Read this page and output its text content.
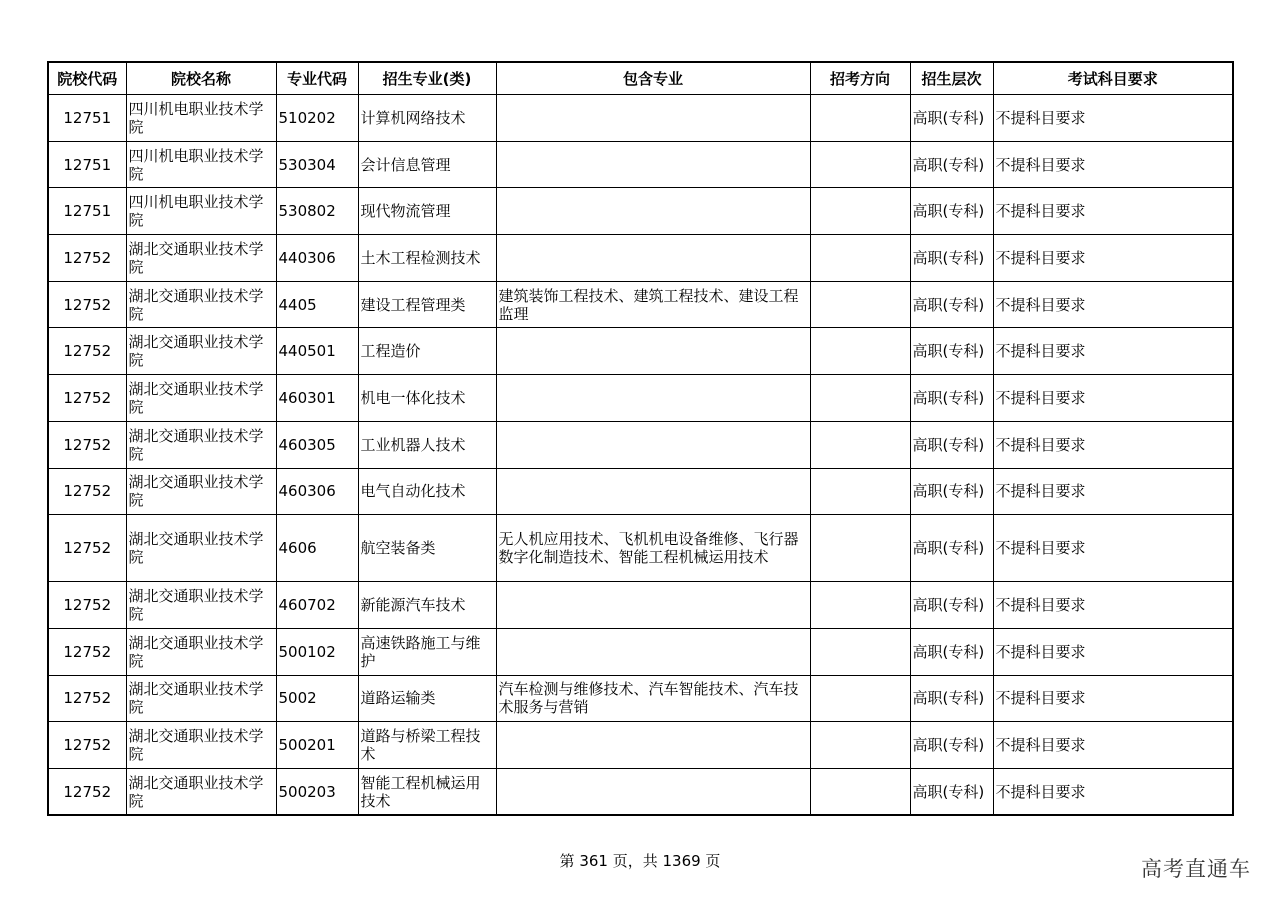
院校代码	院校名称	专业代码	招生专业(类)	包含专业	招考方向	招生层次	考试科目要求
12751	四川机电职业技术学院	510202	计算机网络技术			高职(专科)	不提科目要求
12751	四川机电职业技术学院	530304	会计信息管理			高职(专科)	不提科目要求
12751	四川机电职业技术学院	530802	现代物流管理			高职(专科)	不提科目要求
12752	湖北交通职业技术学院	440306	土木工程检测技术			高职(专科)	不提科目要求
12752	湖北交通职业技术学院	4405	建设工程管理类	建筑装饰工程技术、建筑工程技术、建设工程监理		高职(专科)	不提科目要求
12752	湖北交通职业技术学院	440501	工程造价			高职(专科)	不提科目要求
12752	湖北交通职业技术学院	460301	机电一体化技术			高职(专科)	不提科目要求
12752	湖北交通职业技术学院	460305	工业机器人技术			高职(专科)	不提科目要求
12752	湖北交通职业技术学院	460306	电气自动化技术			高职(专科)	不提科目要求
12752	湖北交通职业技术学院	4606	航空装备类	无人机应用技术、飞机机电设备维修、飞行器数字化制造技术、智能工程机械运用技术		高职(专科)	不提科目要求
12752	湖北交通职业技术学院	460702	新能源汽车技术			高职(专科)	不提科目要求
12752	湖北交通职业技术学院	500102	高速铁路施工与维护			高职(专科)	不提科目要求
12752	湖北交通职业技术学院	5002	道路运输类	汽车检测与维修技术、汽车智能技术、汽车技术服务与营销		高职(专科)	不提科目要求
12752	湖北交通职业技术学院	500201	道路与桥梁工程技术			高职(专科)	不提科目要求
12752	湖北交通职业技术学院	500203	智能工程机械运用技术			高职(专科)	不提科目要求
第 361 页，共 1369 页	高考直通车
